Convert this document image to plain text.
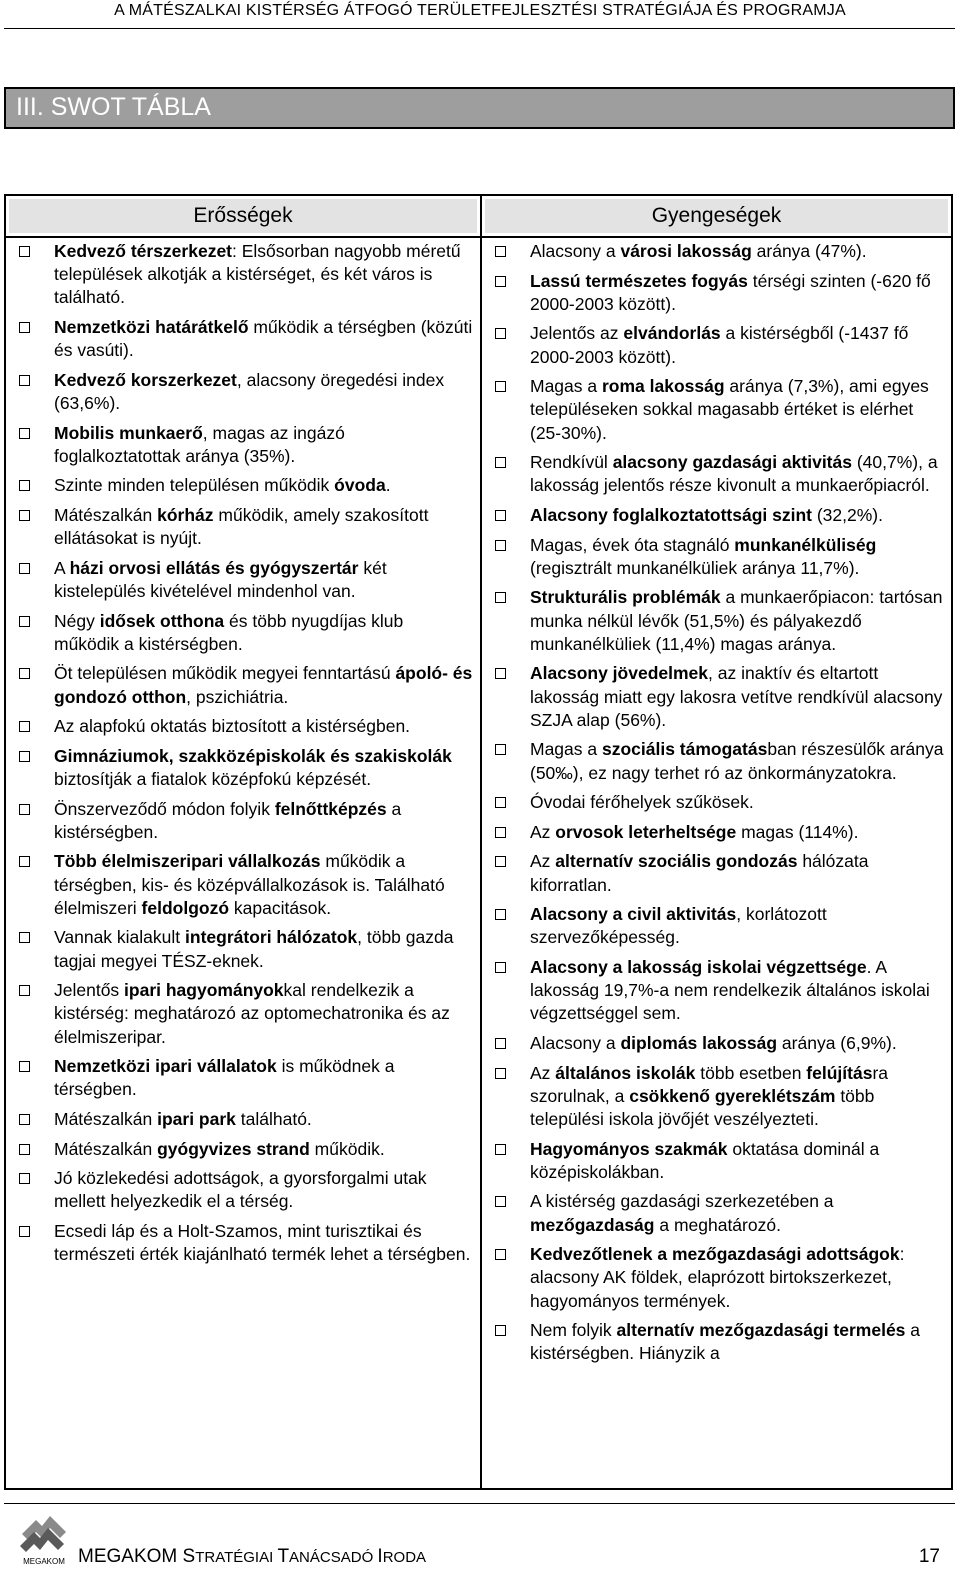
A MÁTÉSZALKAI KISTÉRSÉG ÁTFOGÓ TERÜLETFEJLESZTÉSI STRATÉGIÁJA ÉS PROGRAMJA
III. SWOT TÁBLA
Erősségek
Kedvező térszerkezet: Elsősorban nagyobb méretű települések alkotják a kistérséget, és két város is található.
Nemzetközi határátkelő működik a térségben (közúti és vasúti).
Kedvező korszerkezet, alacsony öregedési index (63,6%).
Mobilis munkaerő, magas az ingázó foglalkoztatottak aránya (35%).
Szinte minden településen működik óvoda.
Mátészalkán kórház működik, amely szakosított ellátásokat is nyújt.
A házi orvosi ellátás és gyógyszertár két kistelepülés kivételével mindenhol van.
Négy idősek otthona és több nyugdíjas klub működik a kistérségben.
Öt településen működik megyei fenntartású ápoló- és gondozó otthon, pszichiátria.
Az alapfokú oktatás biztosított a kistérségben.
Gimnáziumok, szakközépiskolák és szakiskolák biztosítják a fiatalok középfokú képzését.
Önszerveződő módon folyik felnőttképzés a kistérségben.
Több élelmiszeripari vállalkozás működik a térségben, kis- és középvállalkozások is. Található élelmiszeri feldolgozó kapacitások.
Vannak kialakult integrátori hálózatok, több gazda tagjai megyei TÉSZ-eknek.
Jelentős ipari hagyományokkal rendelkezik a kistérség: meghatározó az optomechatronika és az élelmiszeripar.
Nemzetközi ipari vállalatok is működnek a térségben.
Mátészalkán ipari park található.
Mátészalkán gyógyvizes strand működik.
Jó közlekedési adottságok, a gyorsforgalmi utak mellett helyezkedik el a térség.
Ecsedi láp és a Holt-Szamos, mint turisztikai és természeti érték kiajánlható termék lehet a térségben.
Gyengeségek
Alacsony a városi lakosság aránya (47%).
Lassú természetes fogyás térségi szinten (-620 fő 2000-2003 között).
Jelentős az elvándorlás a kistérségből (-1437 fő 2000-2003 között).
Magas a roma lakosság aránya (7,3%), ami egyes településeken sokkal magasabb értéket is elérhet (25-30%).
Rendkívül alacsony gazdasági aktivitás (40,7%), a lakosság jelentős része kivonult a munkaerőpiacról.
Alacsony foglalkoztatottsági szint (32,2%).
Magas, évek óta stagnáló munkanélküliség (regisztrált munkanélküliek aránya 11,7%).
Strukturális problémák a munkaerőpiacon: tartósan munka nélkül lévők (51,5%) és pályakezdő munkanélküliek (11,4%) magas aránya.
Alacsony jövedelmek, az inaktív és eltartott lakosság miatt egy lakosra vetítve rendkívül alacsony SZJA alap (56%).
Magas a szociális támogatásban részesülők aránya (50‰), ez nagy terhet ró az önkormányzatokra.
Óvodai férőhelyek szűkösek.
Az orvosok leterheltsége magas (114%).
Az alternatív szociális gondozás hálózata kiforratlan.
Alacsony a civil aktivitás, korlátozott szervezőképesség.
Alacsony a lakosság iskolai végzettsége. A lakosság 19,7%-a nem rendelkezik általános iskolai végzettséggel sem.
Alacsony a diplomás lakosság aránya (6,9%).
Az általános iskolák több esetben felújításra szorulnak, a csökkenő gyereklétszám több települési iskola jövőjét veszélyezteti.
Hagyományos szakmák oktatása dominál a középiskolákban.
A kistérség gazdasági szerkezetében a mezőgazdaság a meghatározó.
Kedvezőtlenek a mezőgazdasági adottságok: alacsony AK földek, elaprózott birtokszerkezet, hagyományos termények.
Nem folyik alternatív mezőgazdasági termelés a kistérségben. Hiányzik a
MEGAKOM MEGAKOM STRATÉGIAI TANÁCSADÓ IRODA	17
